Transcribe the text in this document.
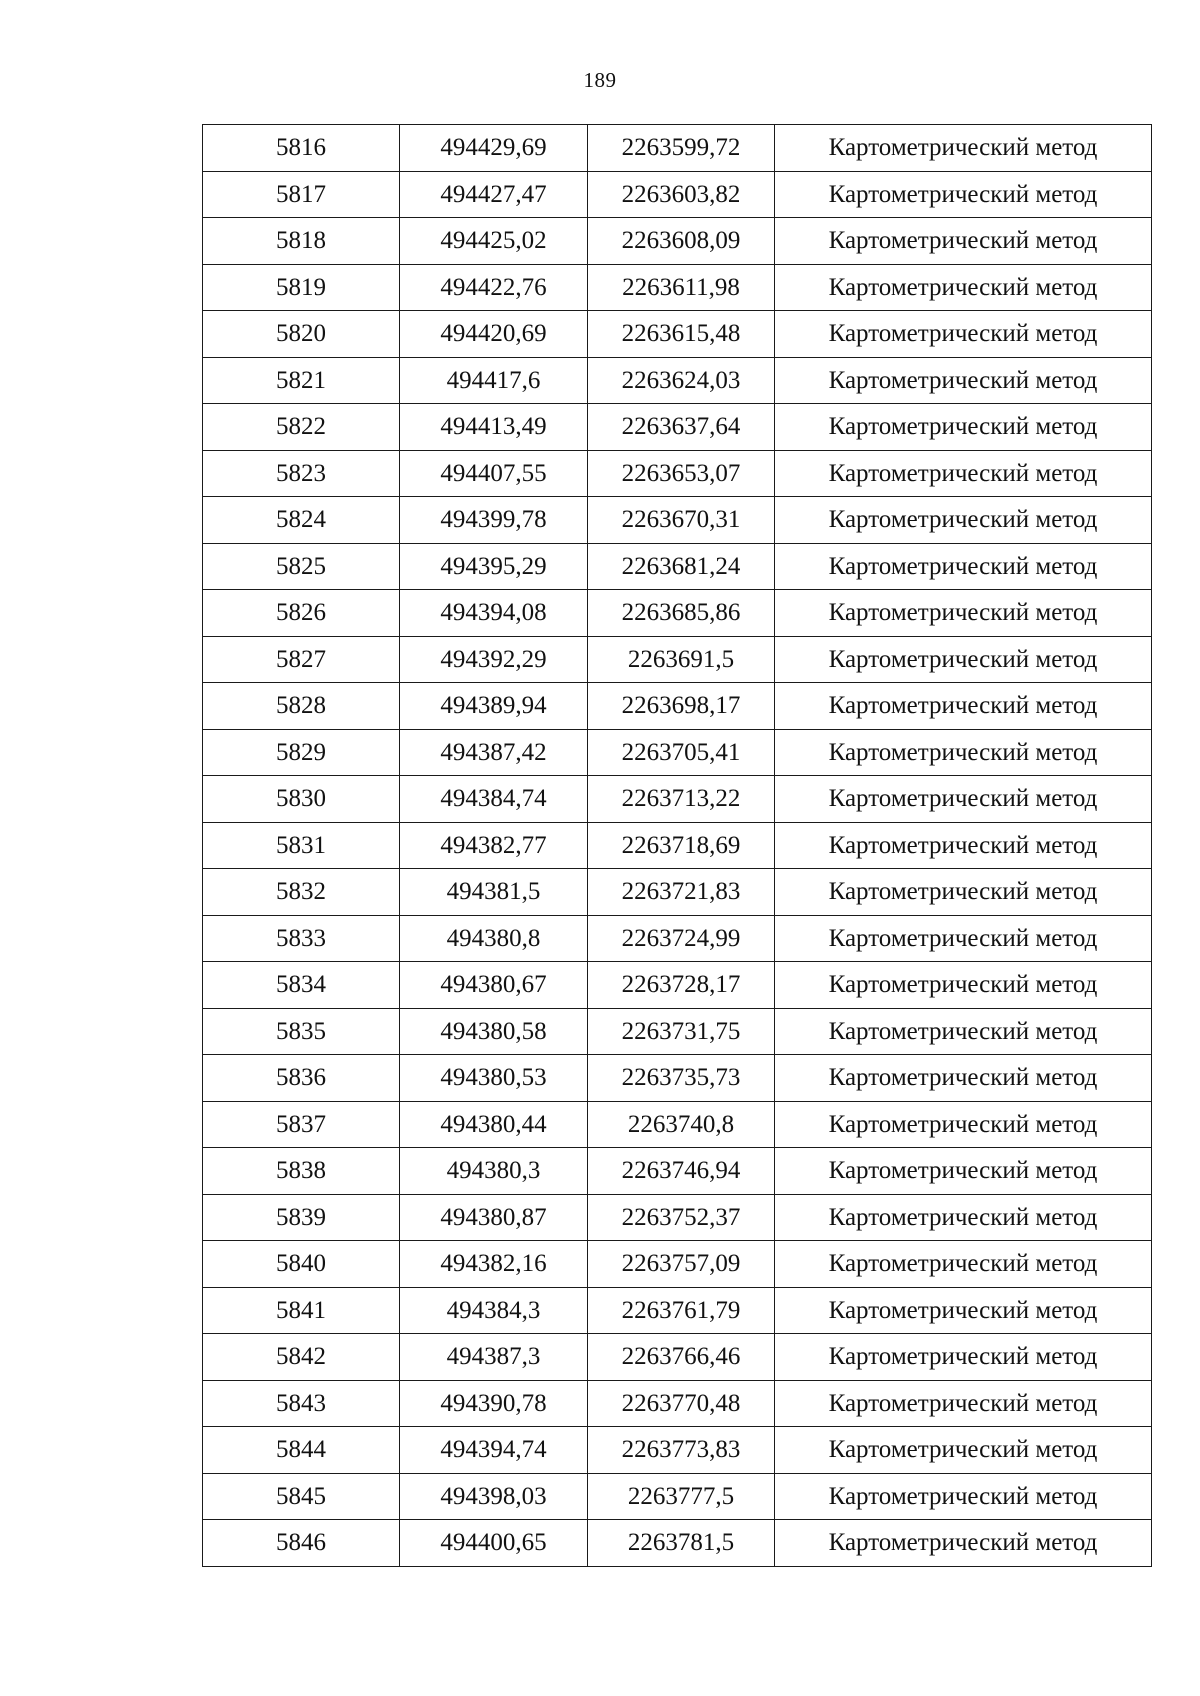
189
5816	494429,69	2263599,72	Картометрический метод
5817	494427,47	2263603,82	Картометрический метод
5818	494425,02	2263608,09	Картометрический метод
5819	494422,76	2263611,98	Картометрический метод
5820	494420,69	2263615,48	Картометрический метод
5821	494417,6	2263624,03	Картометрический метод
5822	494413,49	2263637,64	Картометрический метод
5823	494407,55	2263653,07	Картометрический метод
5824	494399,78	2263670,31	Картометрический метод
5825	494395,29	2263681,24	Картометрический метод
5826	494394,08	2263685,86	Картометрический метод
5827	494392,29	2263691,5	Картометрический метод
5828	494389,94	2263698,17	Картометрический метод
5829	494387,42	2263705,41	Картометрический метод
5830	494384,74	2263713,22	Картометрический метод
5831	494382,77	2263718,69	Картометрический метод
5832	494381,5	2263721,83	Картометрический метод
5833	494380,8	2263724,99	Картометрический метод
5834	494380,67	2263728,17	Картометрический метод
5835	494380,58	2263731,75	Картометрический метод
5836	494380,53	2263735,73	Картометрический метод
5837	494380,44	2263740,8	Картометрический метод
5838	494380,3	2263746,94	Картометрический метод
5839	494380,87	2263752,37	Картометрический метод
5840	494382,16	2263757,09	Картометрический метод
5841	494384,3	2263761,79	Картометрический метод
5842	494387,3	2263766,46	Картометрический метод
5843	494390,78	2263770,48	Картометрический метод
5844	494394,74	2263773,83	Картометрический метод
5845	494398,03	2263777,5	Картометрический метод
5846	494400,65	2263781,5	Картометрический метод
